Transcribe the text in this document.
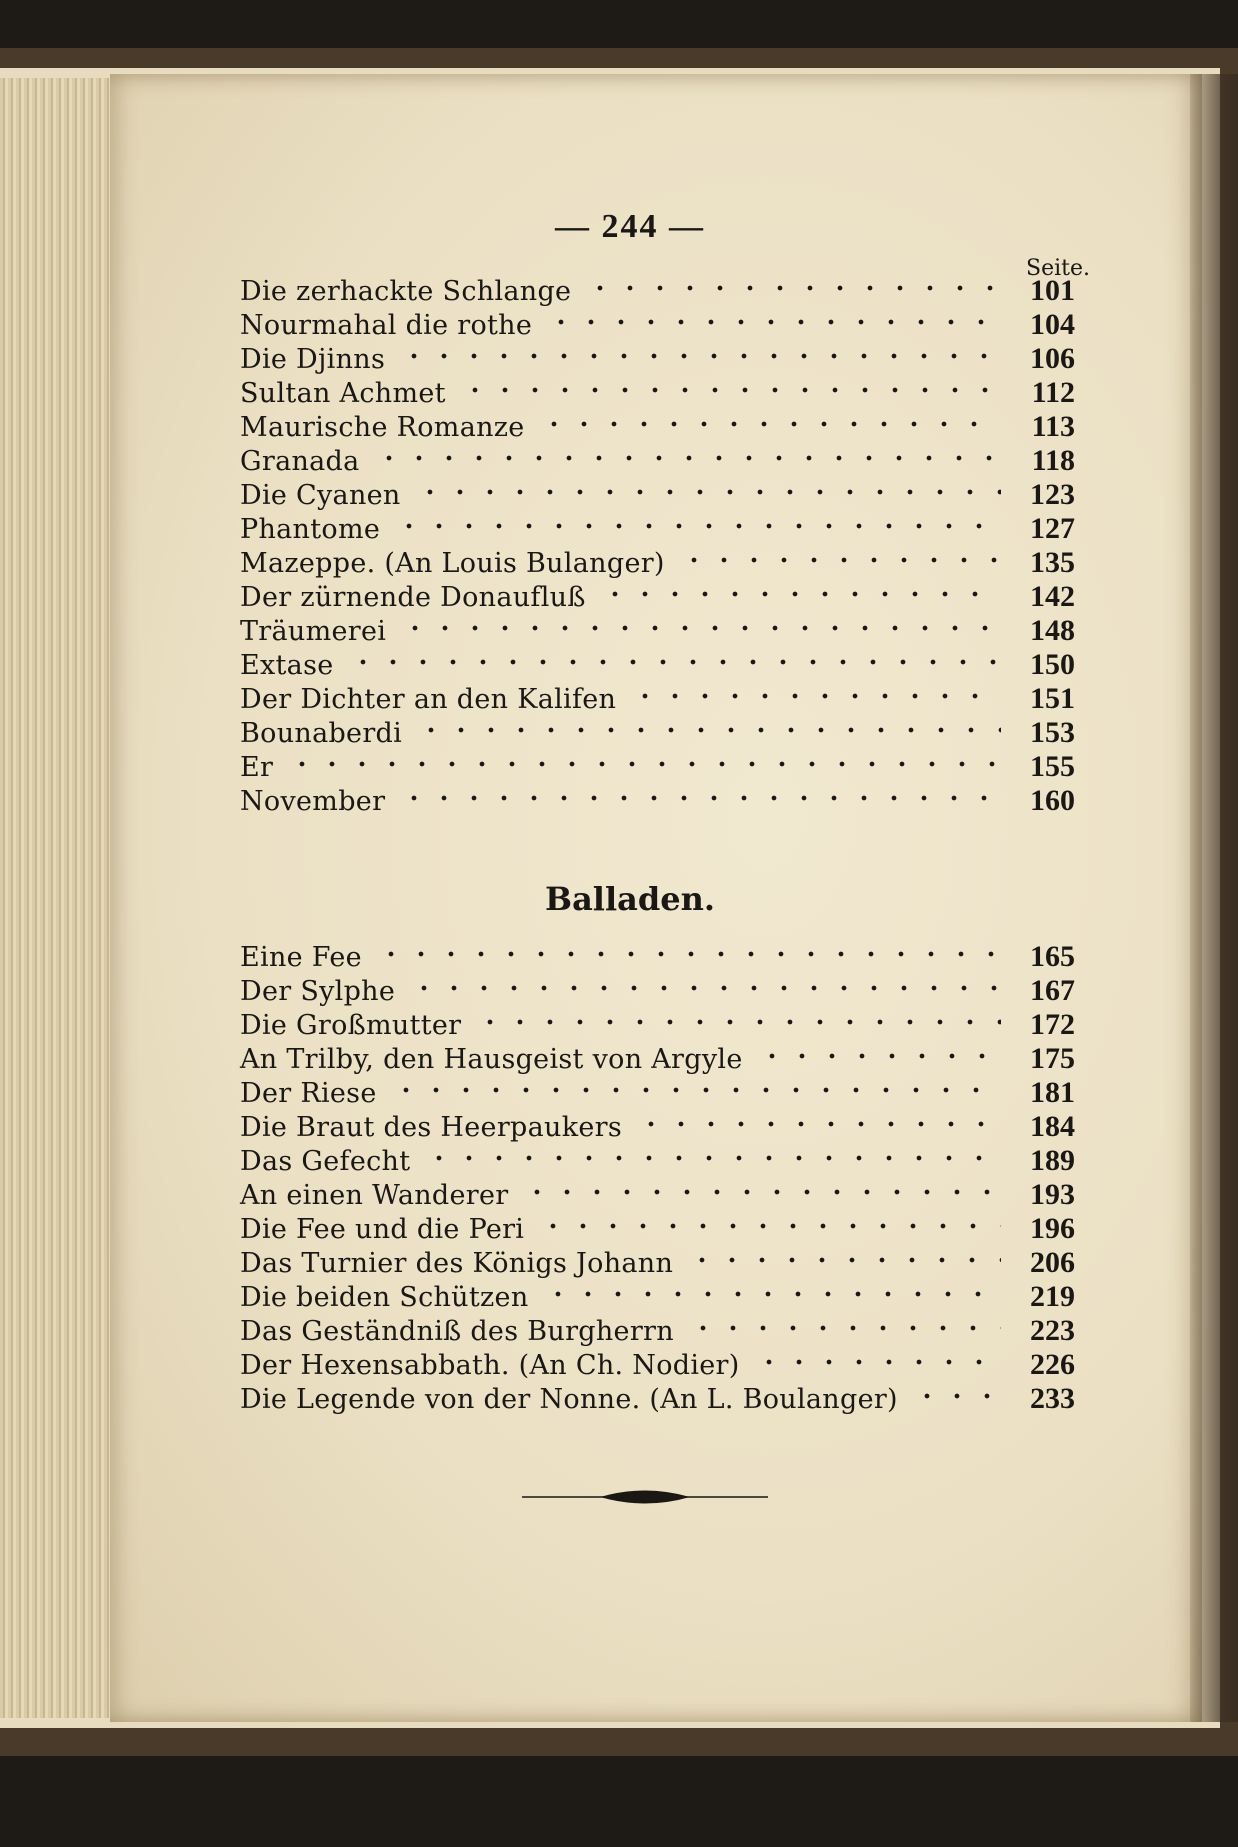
— 244 —
Seite.
Die zerhackte Schlange	101
Nourmahal die rothe	104
Die Djinns	106
Sultan Achmet	112
Maurische Romanze	113
Granada	118
Die Cyanen	123
Phantome	127
Mazeppe. (An Louis Bulanger)	135
Der zürnende Donaufluß	142
Träumerei	148
Extase	150
Der Dichter an den Kalifen	151
Bounaberdi	153
Er	155
November	160
Balladen.
Eine Fee	165
Der Sylphe	167
Die Großmutter	172
An Trilby, den Hausgeist von Argyle	175
Der Riese	181
Die Braut des Heerpaukers	184
Das Gefecht	189
An einen Wanderer	193
Die Fee und die Peri	196
Das Turnier des Königs Johann	206
Die beiden Schützen	219
Das Geständniß des Burgherrn	223
Der Hexensabbath. (An Ch. Nodier)	226
Die Legende von der Nonne. (An L. Boulanger)	233
